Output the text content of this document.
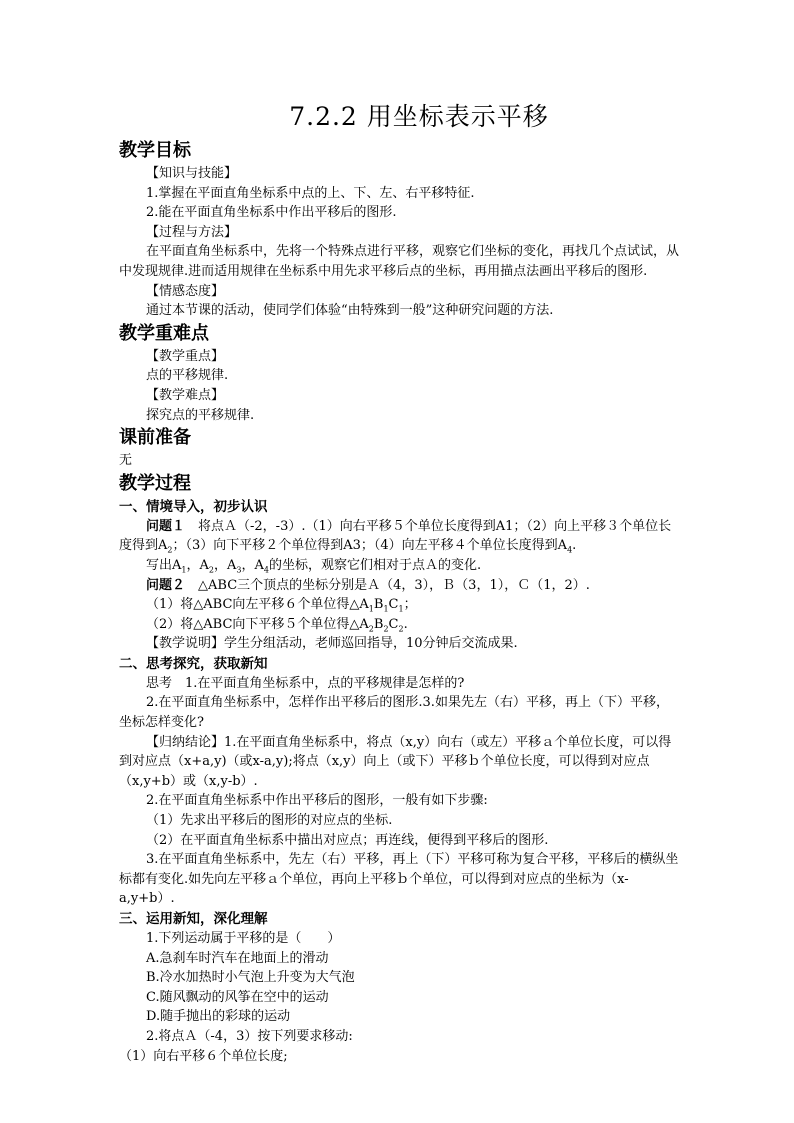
7.2.2 用坐标表示平移
教学目标
【知识与技能】
1.掌握在平面直角坐标系中点的上、下、左、右平移特征.
2.能在平面直角坐标系中作出平移后的图形.
【过程与方法】
在平面直角坐标系中，先将一个特殊点进行平移，观察它们坐标的变化，再找几个点试试，从中发现规律.进而适用规律在坐标系中用先求平移后点的坐标，再用描点法画出平移后的图形.
【情感态度】
通过本节课的活动，使同学们体验“由特殊到一般”这种研究问题的方法.
教学重难点
【教学重点】
点的平移规律.
【教学难点】
探究点的平移规律.
课前准备
无
教学过程
一、情境导入，初步认识
问题１　将点Ａ（-2，-3）.（1）向右平移５个单位长度得到A1；（2）向上平移３个单位长度得到$A_2$；（3）向下平移２个单位得到A3；（4）向左平移４个单位长度得到$A_4$.
写出$A_1$，$A_2$，$A_3$，$A_4$的坐标，观察它们相对于点Ａ的变化.
问题２　△ABC三个顶点的坐标分别是Ａ（4，3），Ｂ（3，1），Ｃ（1，2）.
（1）将△ABC向左平移６个单位得$\triangle A_1B_1C_1$；
（2）将△ABC向下平移５个单位得$\triangle A_2B_2C_2$.
【教学说明】学生分组活动，老师巡回指导，10分钟后交流成果.
二、思考探究，获取新知
思考　1.在平面直角坐标系中，点的平移规律是怎样的?
2.在平面直角坐标系中，怎样作出平移后的图形.3.如果先左（右）平移，再上（下）平移，坐标怎样变化?
【归纳结论】1.在平面直角坐标系中，将点（x,y）向右（或左）平移ａ个单位长度，可以得到对应点（x+a,y)（或x-a,y);将点（x,y）向上（或下）平移ｂ个单位长度，可以得到对应点（x,y+b）或（x,y-b）.
2.在平面直角坐标系中作出平移后的图形，一般有如下步骤:
（1）先求出平移后的图形的对应点的坐标.
（2）在平面直角坐标系中描出对应点；再连线，便得到平移后的图形.
3.在平面直角坐标系中，先左（右）平移，再上（下）平移可称为复合平移，平移后的横纵坐标都有变化.如先向左平移ａ个单位，再向上平移ｂ个单位，可以得到对应点的坐标为（x-a,y+b）.
三、运用新知，深化理解
1.下列运动属于平移的是（　　）
A.急刹车时汽车在地面上的滑动
B.冷水加热时小气泡上升变为大气泡
C.随风飘动的风筝在空中的运动
D.随手抛出的彩球的运动
2.将点Ａ（-4，3）按下列要求移动:
（1）向右平移６个单位长度;
